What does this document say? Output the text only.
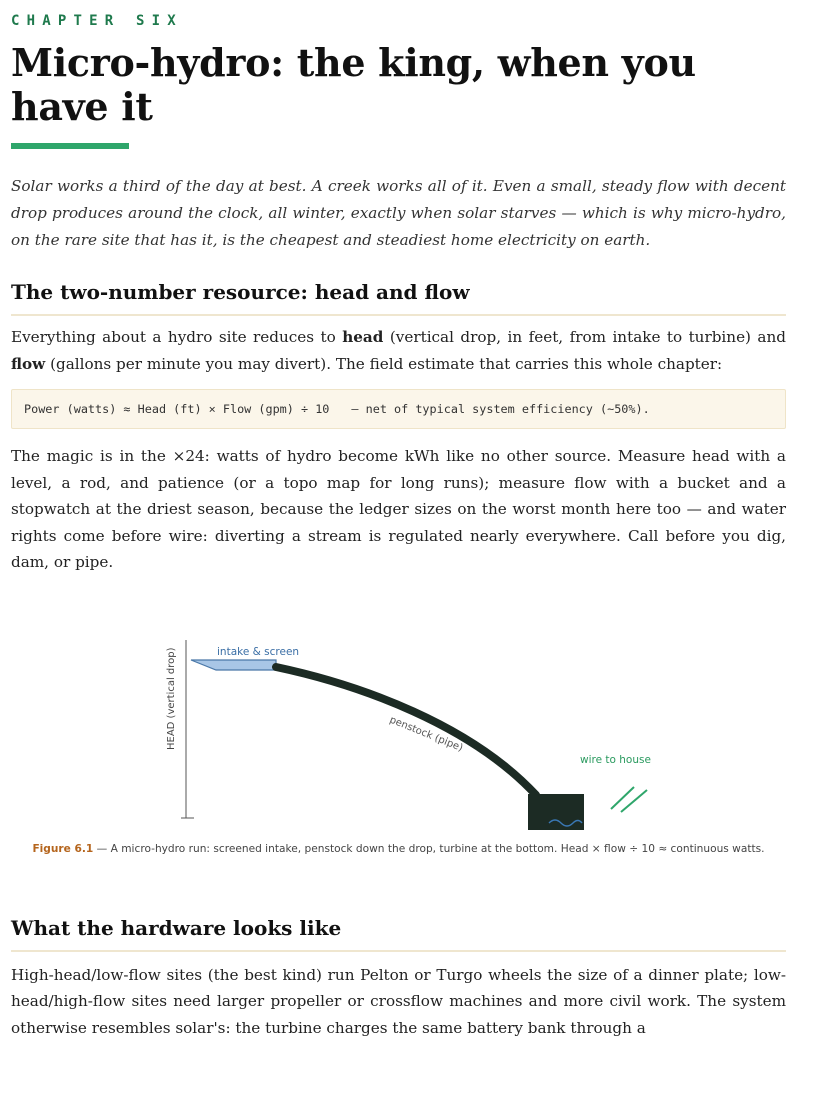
CHAPTER SIX
Micro-hydro: the king, when you have it

Solar works a third of the day at best. A creek works all of it. Even a small, steady flow with decent drop produces around the clock, all winter, exactly when solar starves — which is why micro-hydro, on the rare site that has it, is the cheapest and steadiest home electricity on earth.

The two-number resource: head and flow

Everything about a hydro site reduces to head (vertical drop, in feet, from intake to turbine) and flow (gallons per minute you may divert). The field estimate that carries this whole chapter:

Power (watts) ≈ Head (ft) × Flow (gpm) ÷ 10 — net of typical system efficiency (~50%).

The magic is in the ×24: watts of hydro become kWh like no other source. Measure head with a level, a rod, and patience (or a topo map for long runs); measure flow with a bucket and a stopwatch at the driest season, because the ledger sizes on the worst month here too — and water rights come before wire: diverting a stream is regulated nearly everywhere. Call before you dig, dam, or pipe.

HEAD (vertical drop)	intake & screen
penstock (pipe)
wire to house
Figure 6.1 — A micro-hydro run: screened intake, penstock down the drop, turbine at the bottom. Head × flow ÷ 10 ≈ continuous watts.
What the hardware looks like

High-head/low-flow sites (the best kind) run Pelton or Turgo wheels the size of a dinner plate; low-head/high-flow sites need larger propeller or crossflow machines and more civil work. The system otherwise resembles solar's: the turbine charges the same battery bank through a
